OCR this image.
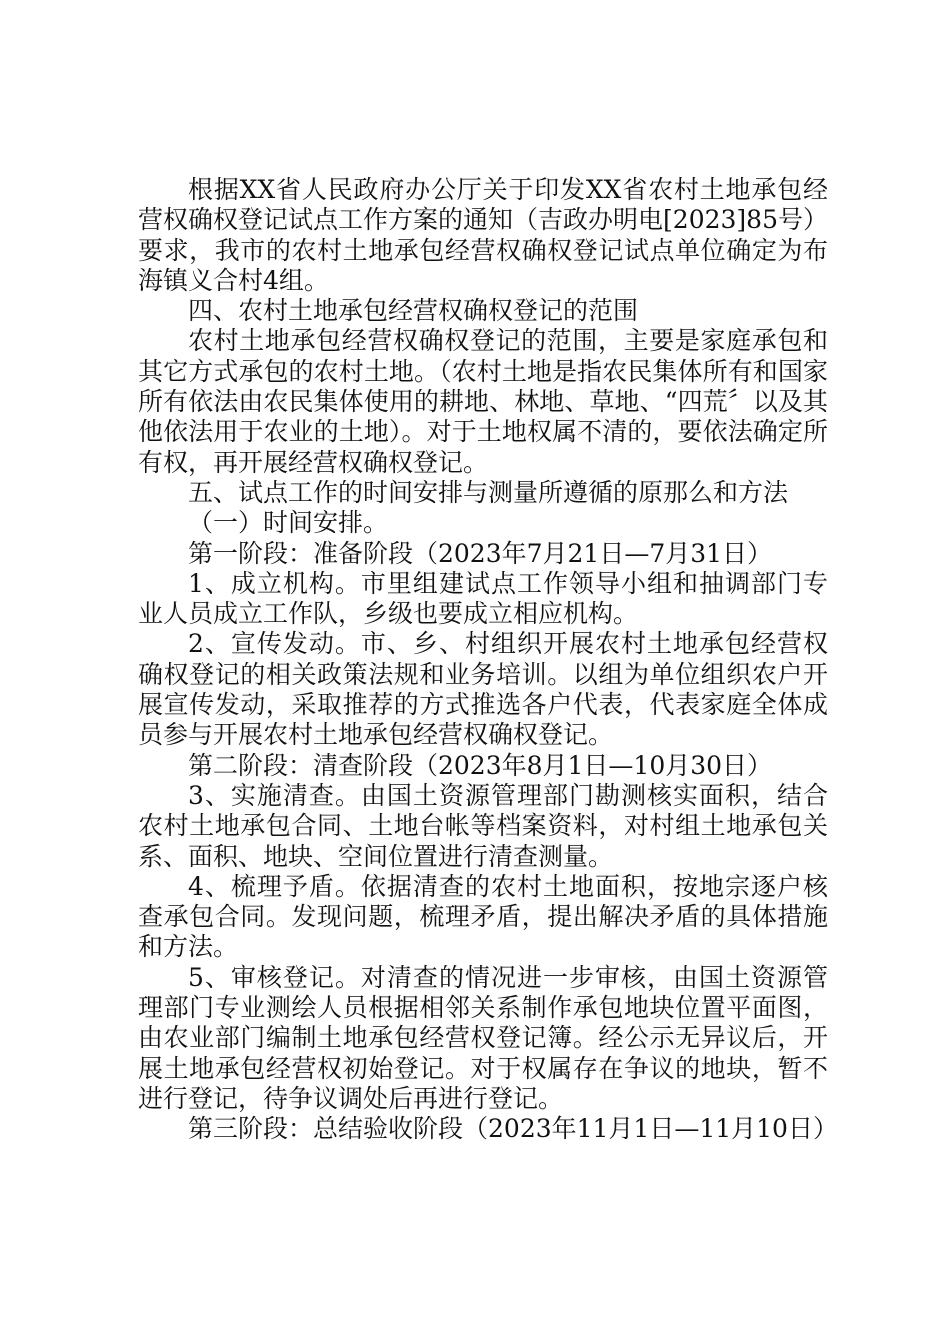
根据XX省人民政府办公厅关于印发XX省农村土地承包经营权确权登记试点工作方案的通知（吉政办明电[2023]85号）要求，我市的农村土地承包经营权确权登记试点单位确定为布海镇义合村4组。

四、农村土地承包经营权确权登记的范围

农村土地承包经营权确权登记的范围，主要是家庭承包和其它方式承包的农村土地。（农村土地是指农民集体所有和国家所有依法由农民集体使用的耕地、林地、草地、“四荒〞以及其他依法用于农业的土地）。对于土地权属不清的，要依法确定所有权，再开展经营权确权登记。

五、试点工作的时间安排与测量所遵循的原那么和方法

（一）时间安排。

第一阶段：准备阶段（2023年7月21日—7月31日）

1、成立机构。市里组建试点工作领导小组和抽调部门专业人员成立工作队，乡级也要成立相应机构。

2、宣传发动。市、乡、村组织开展农村土地承包经营权确权登记的相关政策法规和业务培训。以组为单位组织农户开展宣传发动，采取推荐的方式推选各户代表，代表家庭全体成员参与开展农村土地承包经营权确权登记。

第二阶段：清查阶段（2023年8月1日—10月30日）

3、实施清查。由国土资源管理部门勘测核实面积，结合农村土地承包合同、土地台帐等档案资料，对村组土地承包关系、面积、地块、空间位置进行清查测量。

4、梳理予盾。依据清查的农村土地面积，按地宗逐户核查承包合同。发现问题，梳理矛盾，提出解决矛盾的具体措施和方法。

5、审核登记。对清查的情况进一步审核，由国土资源管理部门专业测绘人员根据相邻关系制作承包地块位置平面图，由农业部门编制土地承包经营权登记簿。经公示无异议后，开展土地承包经营权初始登记。对于权属存在争议的地块，暂不进行登记，待争议调处后再进行登记。

第三阶段：总结验收阶段（2023年11月1日—11月10日）
